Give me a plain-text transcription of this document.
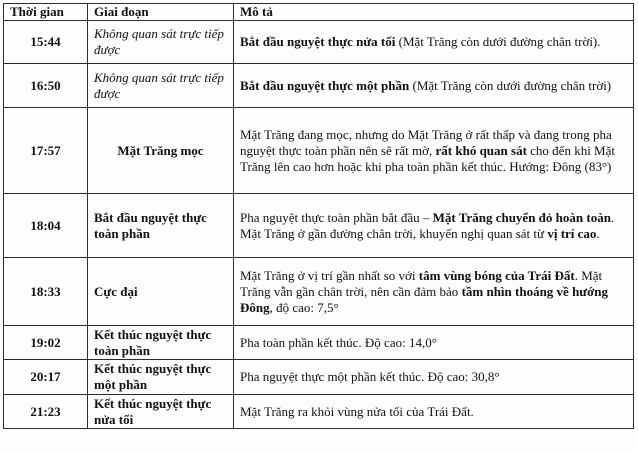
Thời gian	Giai đoạn	Mô tả
15:44	Không quan sát trực tiếp được	Bắt đầu nguyệt thực nửa tối (Mặt Trăng còn dưới đường chân trời).
16:50	Không quan sát trực tiếp được	Bắt đầu nguyệt thực một phần (Mặt Trăng còn dưới đường chân trời)
17:57	Mặt Trăng mọc	Mặt Trăng đang mọc, nhưng do Mặt Trăng ở rất thấp và đang trong pha nguyệt thực toàn phần nên sẽ rất mờ, rất khó quan sát cho đến khi Mặt Trăng lên cao hơn hoặc khi pha toàn phần kết thúc. Hướng: Đông (83°)
18:04	Bắt đầu nguyệt thực toàn phần	Pha nguyệt thực toàn phần bắt đầu – Mặt Trăng chuyển đỏ hoàn toàn. Mặt Trăng ở gần đường chân trời, khuyến nghị quan sát từ vị trí cao.
18:33	Cực đại	Mặt Trăng ở vị trí gần nhất so với tâm vùng bóng của Trái Đất. Mặt Trăng vẫn gần chân trời, nên cần đảm bảo tầm nhìn thoáng về hướng Đông, độ cao: 7,5°
19:02	Kết thúc nguyệt thực toàn phần	Pha toàn phần kết thúc. Độ cao: 14,0°
20:17	Kết thúc nguyệt thực một phần	Pha nguyệt thực một phần kết thúc. Độ cao: 30,8°
21:23	Kết thúc nguyệt thực nửa tối	Mặt Trăng ra khỏi vùng nửa tối của Trái Đất.
